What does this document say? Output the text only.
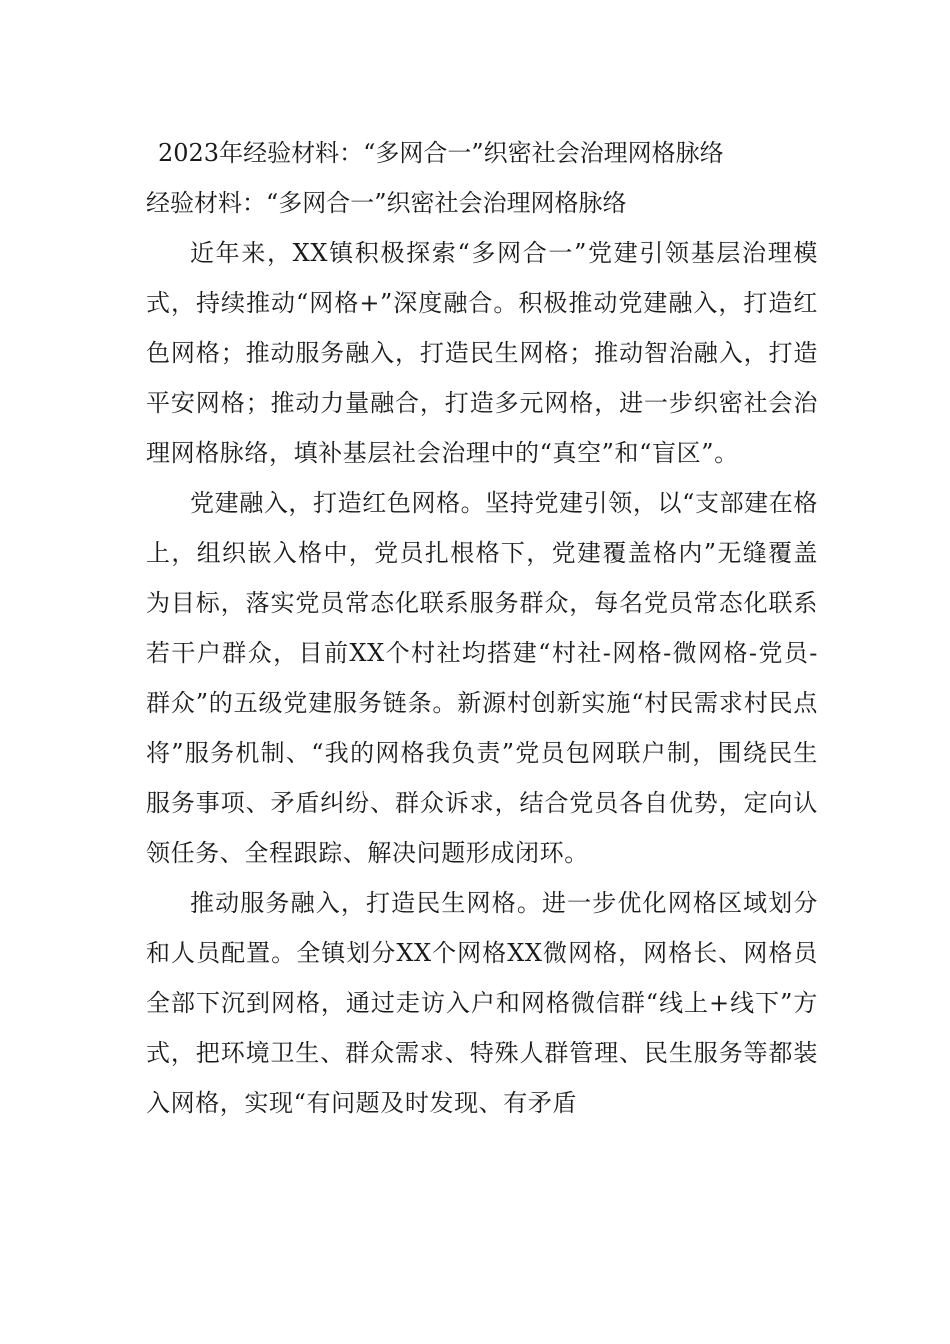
2023年经验材料：“多网合一”织密社会治理网格脉络
经验材料：“多网合一”织密社会治理网格脉络

近年来，XX镇积极探索“多网合一”党建引领基层治理模式，持续推动“网格+”深度融合。积极推动党建融入，打造红色网格；推动服务融入，打造民生网格；推动智治融入，打造平安网格；推动力量融合，打造多元网格，进一步织密社会治理网格脉络，填补基层社会治理中的“真空”和“盲区”。

党建融入，打造红色网格。坚持党建引领，以“支部建在格上，组织嵌入格中，党员扎根格下，党建覆盖格内”无缝覆盖为目标，落实党员常态化联系服务群众，每名党员常态化联系若干户群众，目前XX个村社均搭建“村社-网格-微网格-党员-群众”的五级党建服务链条。新源村创新实施“村民需求村民点将”服务机制、“我的网格我负责”党员包网联户制，围绕民生服务事项、矛盾纠纷、群众诉求，结合党员各自优势，定向认领任务、全程跟踪、解决问题形成闭环。

推动服务融入，打造民生网格。进一步优化网格区域划分和人员配置。全镇划分XX个网格XX微网格，网格长、网格员全部下沉到网格，通过走访入户和网格微信群“线上+线下”方式，把环境卫生、群众需求、特殊人群管理、民生服务等都装入网格，实现“有问题及时发现、有矛盾
